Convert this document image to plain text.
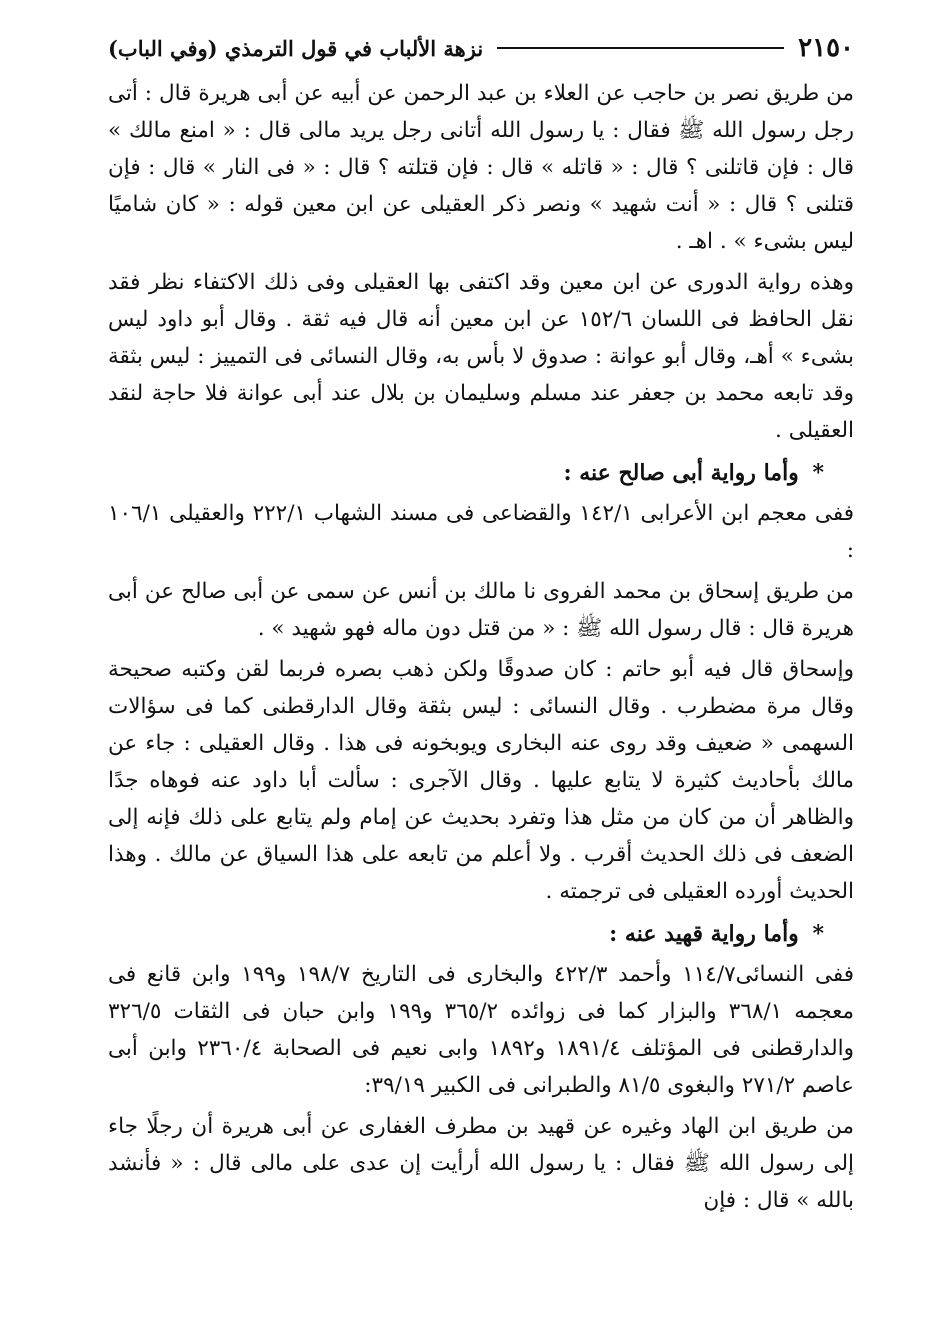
٢١٥٠
نزهة الألباب في قول الترمذي (وفي الباب)

من طريق نصر بن حاجب عن العلاء بن عبد الرحمن عن أبيه عن أبى هريرة قال : أتى رجل رسول الله ﷺ فقال : يا رسول الله أتانى رجل يريد مالى قال : « امنع مالك » قال : فإن قاتلنى ؟ قال : « قاتله » قال : فإن قتلته ؟ قال : « فى النار » قال : فإن قتلنى ؟ قال : « أنت شهيد » ونصر ذكر العقيلى عن ابن معين قوله : « كان شاميًا ليس بشىء » . اهـ .

وهذه رواية الدورى عن ابن معين وقد اكتفى بها العقيلى وفى ذلك الاكتفاء نظر فقد نقل الحافظ فى اللسان ١٥٢/٦ عن ابن معين أنه قال فيه ثقة . وقال أبو داود ليس بشىء » أهـ، وقال أبو عوانة : صدوق لا بأس به، وقال النسائى فى التمييز : ليس بثقة وقد تابعه محمد بن جعفر عند مسلم وسليمان بن بلال عند أبى عوانة فلا حاجة لنقد العقيلى .

* وأما رواية أبى صالح عنه :

ففى معجم ابن الأعرابى ١٤٢/١ والقضاعى فى مسند الشهاب ٢٢٢/١ والعقيلى ١٠٦/١ :

من طريق إسحاق بن محمد الفروى نا مالك بن أنس عن سمى عن أبى صالح عن أبى هريرة قال : قال رسول الله ﷺ : « من قتل دون ماله فهو شهيد » .

وإسحاق قال فيه أبو حاتم : كان صدوقًا ولكن ذهب بصره فربما لقن وكتبه صحيحة وقال مرة مضطرب . وقال النسائى : ليس بثقة وقال الدارقطنى كما فى سؤالات السهمى « ضعيف وقد روى عنه البخارى ويوبخونه فى هذا . وقال العقيلى : جاء عن مالك بأحاديث كثيرة لا يتابع عليها . وقال الآجرى : سألت أبا داود عنه فوهاه جدًا والظاهر أن من كان من مثل هذا وتفرد بحديث عن إمام ولم يتابع على ذلك فإنه إلى الضعف فى ذلك الحديث أقرب . ولا أعلم من تابعه على هذا السياق عن مالك . وهذا الحديث أورده العقيلى فى ترجمته .

* وأما رواية قهيد عنه :

ففى النسائى١١٤/٧ وأحمد ٤٢٢/٣ والبخارى فى التاريخ ١٩٨/٧ و١٩٩ وابن قانع فى معجمه ٣٦٨/١ والبزار كما فى زوائده ٣٦٥/٢ و١٩٩ وابن حبان فى الثقات ٣٢٦/٥ والدارقطنى فى المؤتلف ١٨٩١/٤ و١٨٩٢ وابى نعيم فى الصحابة ٢٣٦٠/٤ وابن أبى عاصم ٢٧١/٢ والبغوى ٨١/٥ والطبرانى فى الكبير ٣٩/١٩:

من طريق ابن الهاد وغيره عن قهيد بن مطرف الغفارى عن أبى هريرة أن رجلًا جاء إلى رسول الله ﷺ فقال : يا رسول الله أرأيت إن عدى على مالى قال : « فأنشد بالله » قال : فإن
